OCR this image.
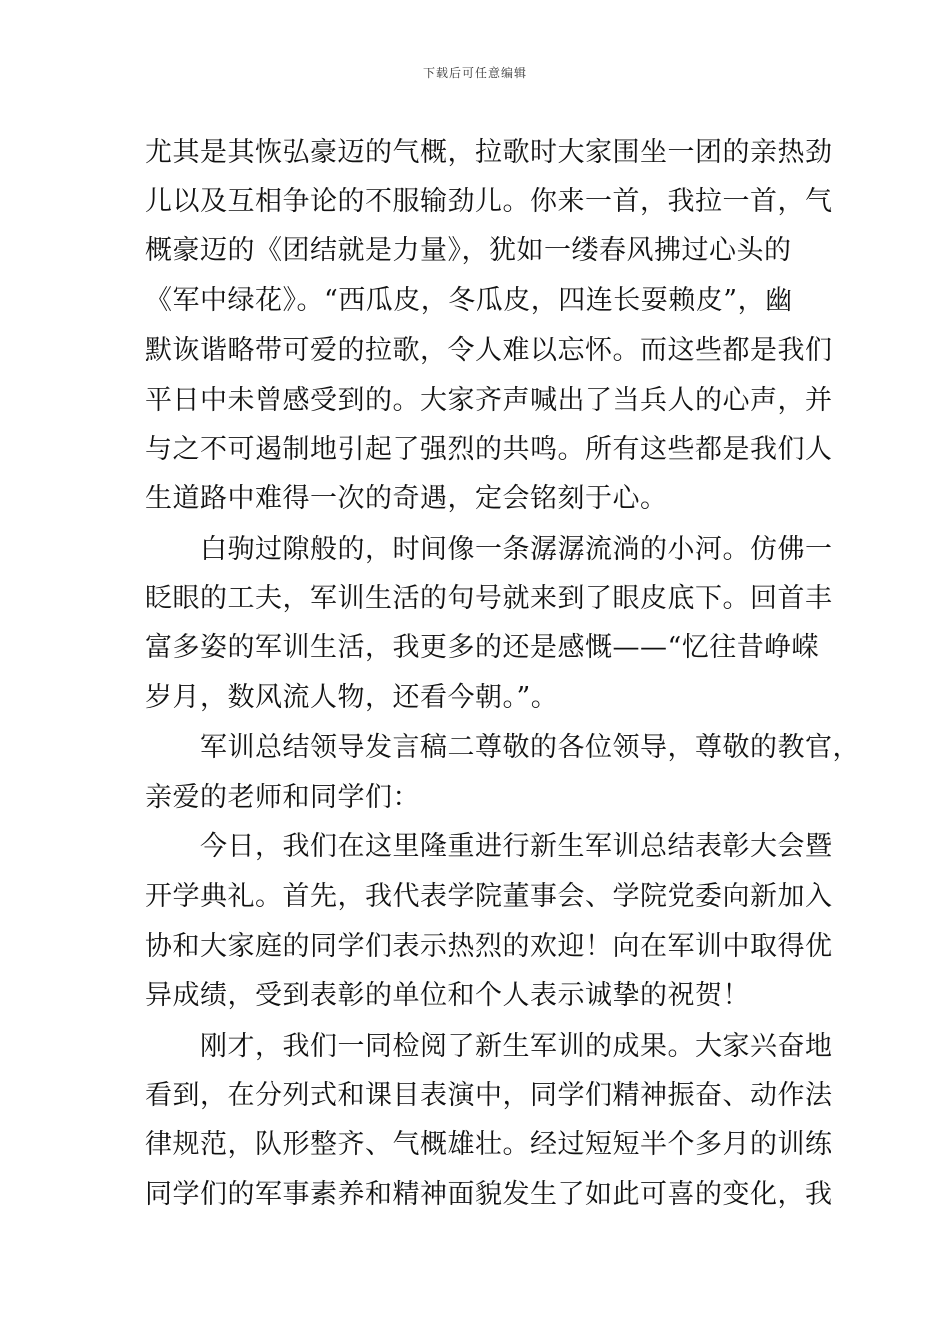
下载后可任意编辑
尤其是其恢弘豪迈的气概，拉歌时大家围坐一团的亲热劲
儿以及互相争论的不服输劲儿。你来一首，我拉一首，气
概豪迈的《团结就是力量》，犹如一缕春风拂过心头的
《军中绿花》。“西瓜皮，冬瓜皮，四连长耍赖皮”，幽
默诙谐略带可爱的拉歌，令人难以忘怀。而这些都是我们
平日中未曾感受到的。大家齐声喊出了当兵人的心声，并
与之不可遏制地引起了强烈的共鸣。所有这些都是我们人
生道路中难得一次的奇遇，定会铭刻于心。
白驹过隙般的，时间像一条潺潺流淌的小河。仿佛一
眨眼的工夫，军训生活的句号就来到了眼皮底下。回首丰
富多姿的军训生活，我更多的还是感慨——“忆往昔峥嵘
岁月，数风流人物，还看今朝。”。
军训总结领导发言稿二尊敬的各位领导，尊敬的教官，
亲爱的老师和同学们：
今日，我们在这里隆重进行新生军训总结表彰大会暨
开学典礼。首先，我代表学院董事会、学院党委向新加入
协和大家庭的同学们表示热烈的欢迎！向在军训中取得优
异成绩，受到表彰的单位和个人表示诚挚的祝贺！
刚才，我们一同检阅了新生军训的成果。大家兴奋地
看到，在分列式和课目表演中，同学们精神振奋、动作法
律规范，队形整齐、气概雄壮。经过短短半个多月的训练
同学们的军事素养和精神面貌发生了如此可喜的变化，我
